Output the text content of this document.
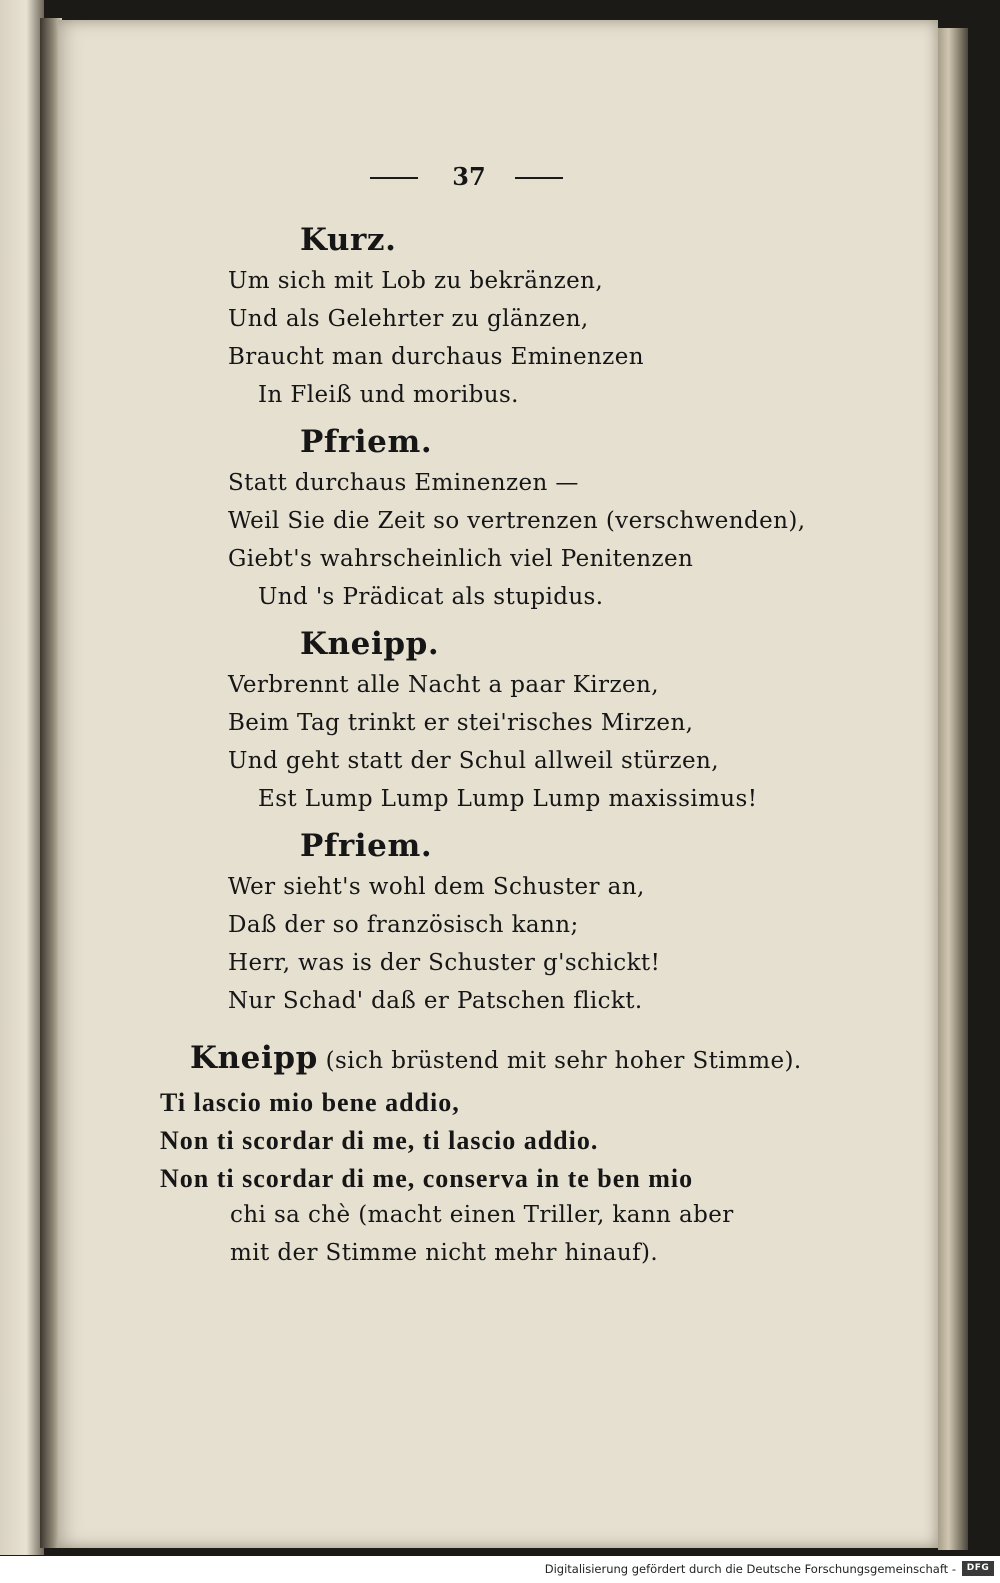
37
Kurz.
Um sich mit Lob zu bekränzen,
Und als Gelehrter zu glänzen,
Braucht man durchaus Eminenzen
In Fleiß und moribus.
Pfriem.
Statt durchaus Eminenzen —
Weil Sie die Zeit so vertrenzen (verschwenden),
Giebt's wahrscheinlich viel Penitenzen
Und 's Prädicat als stupidus.
Kneipp.
Verbrennt alle Nacht a paar Kirzen,
Beim Tag trinkt er stei'risches Mirzen,
Und geht statt der Schul allweil stürzen,
Est Lump Lump Lump Lump maxissimus!
Pfriem.
Wer sieht's wohl dem Schuster an,
Daß der so französisch kann;
Herr, was is der Schuster g'schickt!
Nur Schad' daß er Patschen flickt.
Kneipp (sich brüstend mit sehr hoher Stimme).
Ti lascio mio bene addio,
Non ti scordar di me, ti lascio addio.
Non ti scordar di me, conserva in te ben mio
chi sa chè (macht einen Triller, kann aber
mit der Stimme nicht mehr hinauf).
Digitalisierung gefördert durch die Deutsche Forschungsgemeinschaft -	DFG
